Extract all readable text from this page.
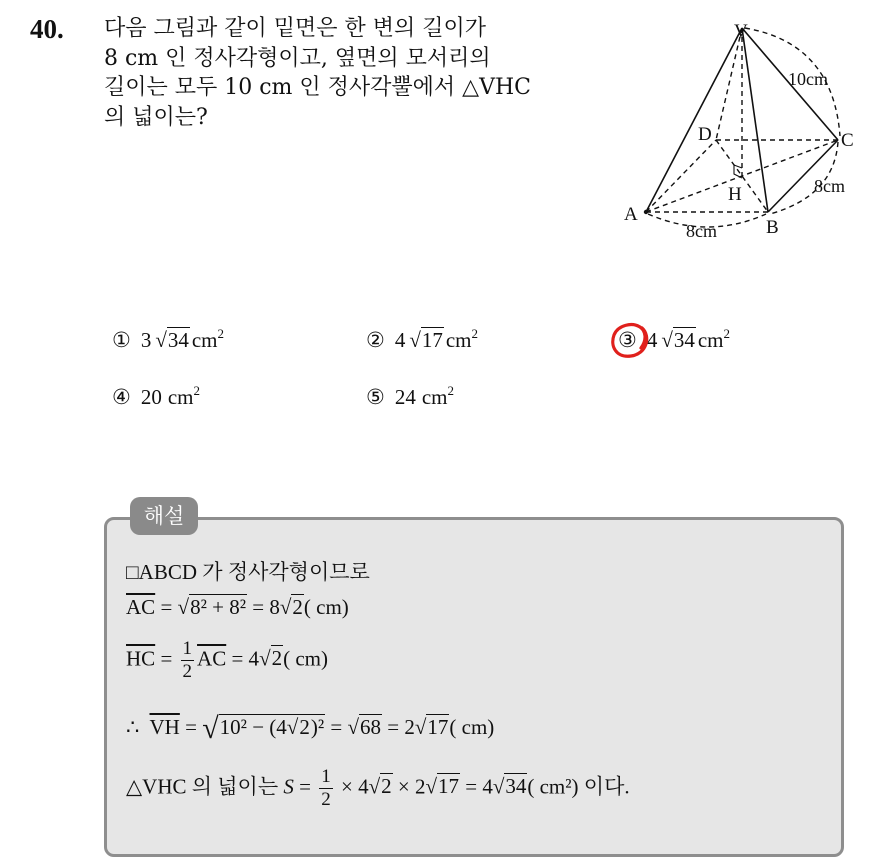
40. 다음 그림과 같이 밑면은 한 변의 길이가
8 cm 인 정사각형이고, 옆면의 모서리의
길이는 모두 10 cm 인 정사각뿔에서 △VHC
의 넓이는?
V
A
B
C
D
H
10cm
8cm
8cm
① 3 √34 $cm^2$	② 4 √17 $cm^2$	③ 4 √34 $cm^2$
④ 20 $cm^2$	⑤ 24 $cm^2$
해설
□ABCD 가 정사각형이므로
$\overline{AC} = √8^2 + 8^2 = 8√2$( cm)
$\overline{HC} = \frac{1}{2} \overline{AC} = 4√2$( cm)
∴ $\overline{VH} = √10^2 - (4√2)^2 = √68 = 2√17$( cm)
△VHC 의 넓이는 $S = \frac{1}{2} \times 4√2 \times 2√17 = 4√34$( cm²) 이다.
